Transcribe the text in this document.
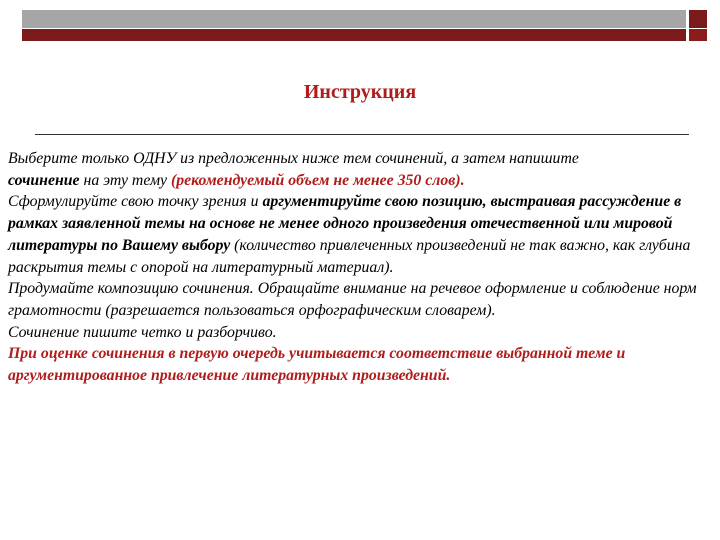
Инструкция
Выберите только ОДНУ из предложенных ниже тем сочинений, а затем напишите
сочинение на эту тему (рекомендуемый объем не менее 350 слов).
Сформулируйте свою точку зрения и аргументируйте свою позицию, выстраивая рассуждение в рамках заявленной темы на основе не менее одного произведения отечественной или мировой литературы по Вашему выбору (количество привлеченных произведений не так важно, как глубина раскрытия темы с опорой на литературный материал).
Продумайте композицию сочинения. Обращайте внимание на речевое оформление и соблюдение норм грамотности (разрешается пользоваться орфографическим словарем).
Сочинение пишите четко и разборчиво.
При оценке сочинения в первую очередь учитывается соответствие выбранной теме и аргументированное привлечение литературных произведений.
